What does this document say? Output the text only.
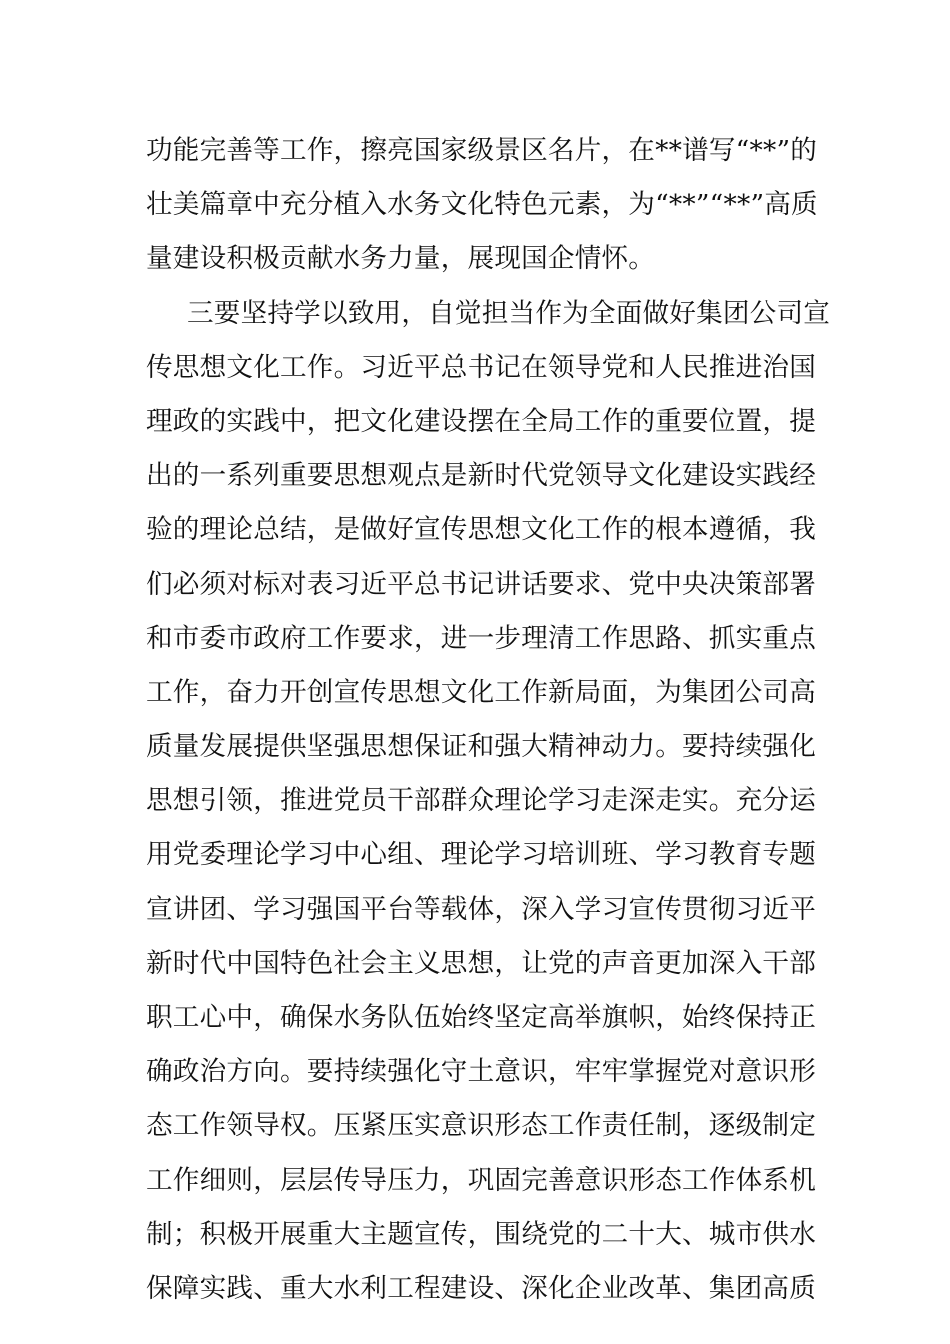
功能完善等工作，擦亮国家级景区名片，在**谱写“**”的
壮美篇章中充分植入水务文化特色元素，为“**”“**”高质
量建设积极贡献水务力量，展现国企情怀。
三要坚持学以致用，自觉担当作为全面做好集团公司宣
传思想文化工作。习近平总书记在领导党和人民推进治国
理政的实践中，把文化建设摆在全局工作的重要位置，提
出的一系列重要思想观点是新时代党领导文化建设实践经
验的理论总结，是做好宣传思想文化工作的根本遵循，我
们必须对标对表习近平总书记讲话要求、党中央决策部署
和市委市政府工作要求，进一步理清工作思路、抓实重点
工作，奋力开创宣传思想文化工作新局面，为集团公司高
质量发展提供坚强思想保证和强大精神动力。要持续强化
思想引领，推进党员干部群众理论学习走深走实。充分运
用党委理论学习中心组、理论学习培训班、学习教育专题
宣讲团、学习强国平台等载体，深入学习宣传贯彻习近平
新时代中国特色社会主义思想，让党的声音更加深入干部
职工心中，确保水务队伍始终坚定高举旗帜，始终保持正
确政治方向。要持续强化守土意识，牢牢掌握党对意识形
态工作领导权。压紧压实意识形态工作责任制，逐级制定
工作细则，层层传导压力，巩固完善意识形态工作体系机
制；积极开展重大主题宣传，围绕党的二十大、城市供水
保障实践、重大水利工程建设、深化企业改革、集团高质
